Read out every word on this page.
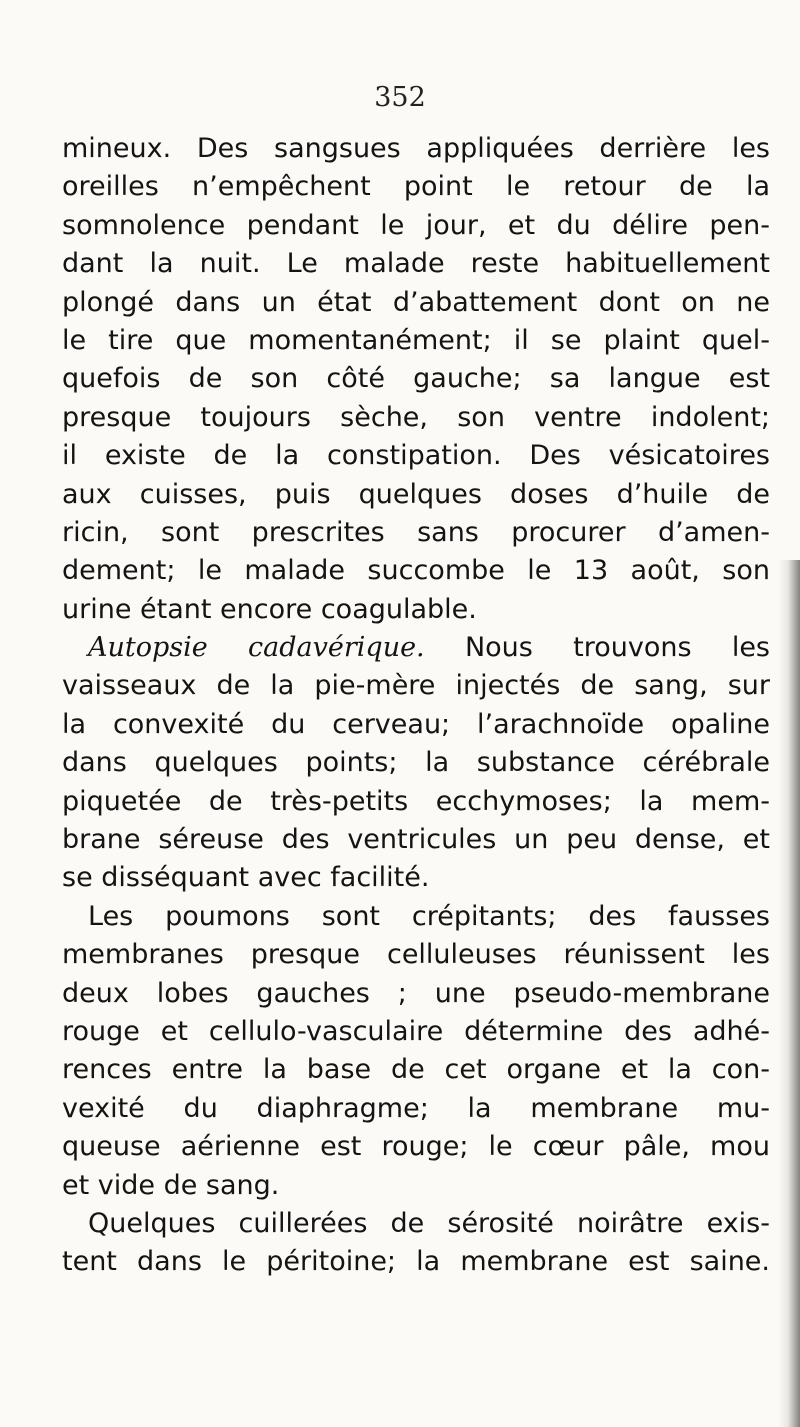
352
mineux. Des sangsues appliquées derrière les
oreilles n’empêchent point le retour de la
somnolence pendant le jour, et du délire pen-
dant la nuit. Le malade reste habituellement
plongé dans un état d’abattement dont on ne
le tire que momentanément; il se plaint quel-
quefois de son côté gauche; sa langue est
presque toujours sèche, son ventre indolent;
il existe de la constipation. Des vésicatoires
aux cuisses, puis quelques doses d’huile de
ricin, sont prescrites sans procurer d’amen-
dement; le malade succombe le 13 août, son
urine étant encore coagulable.
Autopsie cadavérique. Nous trouvons les
vaisseaux de la pie-mère injectés de sang, sur
la convexité du cerveau; l’arachnoïde opaline
dans quelques points; la substance cérébrale
piquetée de très-petits ecchymoses; la mem-
brane séreuse des ventricules un peu dense, et
se disséquant avec facilité.
Les poumons sont crépitants; des fausses
membranes presque celluleuses réunissent les
deux lobes gauches ; une pseudo-membrane
rouge et cellulo-vasculaire détermine des adhé-
rences entre la base de cet organe et la con-
vexité du diaphragme; la membrane mu-
queuse aérienne est rouge; le cœur pâle, mou
et vide de sang.
Quelques cuillerées de sérosité noirâtre exis-
tent dans le péritoine; la membrane est saine.
